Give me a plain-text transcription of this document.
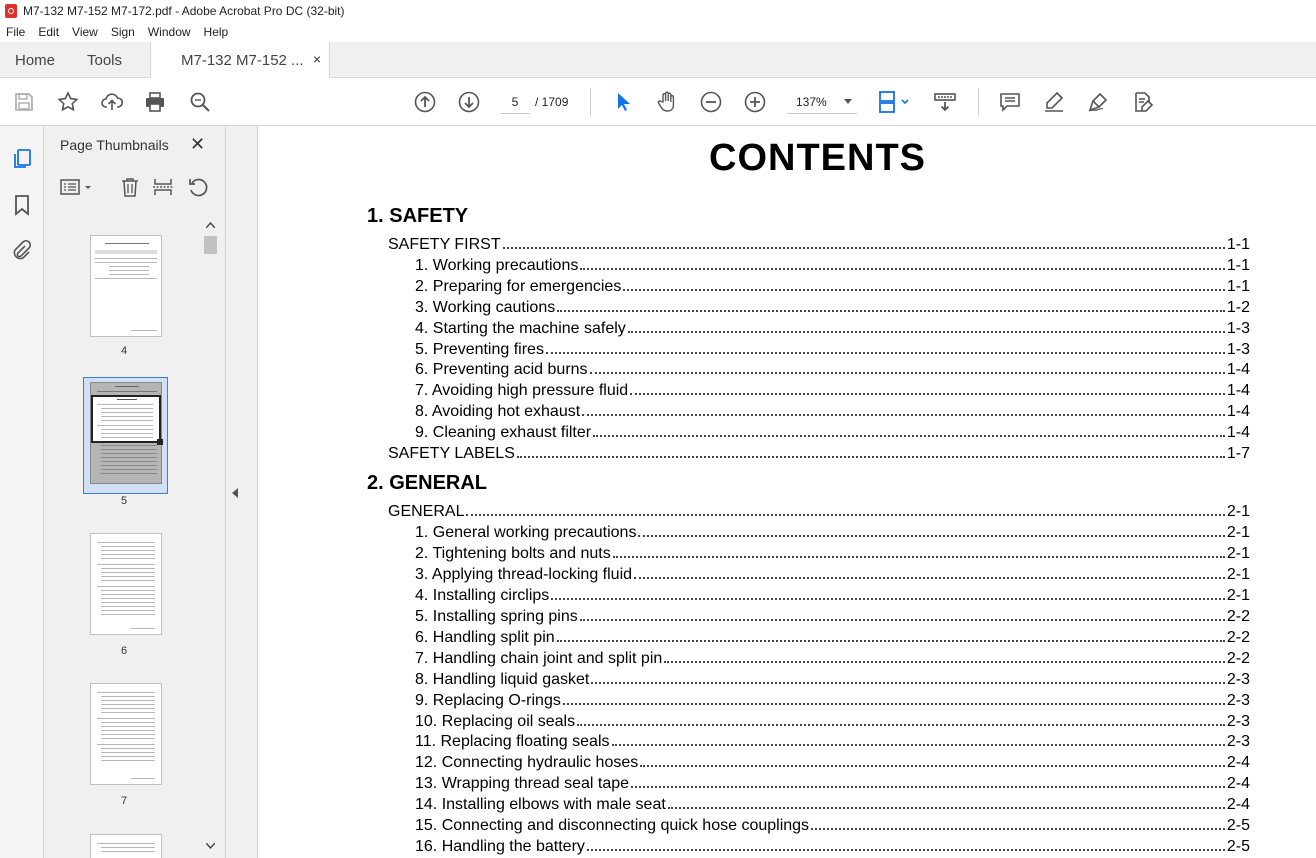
M7-132 M7-152 M7-172.pdf - Adobe Acrobat Pro DC (32-bit)
File Edit View Sign Window Help
Home Tools	M7-132 M7-152 ... ×
5	/ 1709	137%
Page Thumbnails ✕
4
5
6
7
CONTENTS
1. SAFETY
2. GENERAL
SAFETY FIRST	1-1
1. Working precautions	1-1
2. Preparing for emergencies	1-1
3. Working cautions	1-2
4. Starting the machine safely	1-3
5. Preventing fires	1-3
6. Preventing acid burns	1-4
7. Avoiding high pressure fluid	1-4
8. Avoiding hot exhaust	1-4
9. Cleaning exhaust filter	1-4
SAFETY LABELS	1-7
GENERAL	2-1
1. General working precautions	2-1
2. Tightening bolts and nuts	2-1
3. Applying thread-locking fluid	2-1
4. Installing circlips	2-1
5. Installing spring pins	2-2
6. Handling split pin	2-2
7. Handling chain joint and split pin	2-2
8. Handling liquid gasket	2-3
9. Replacing O-rings	2-3
10. Replacing oil seals	2-3
11. Replacing floating seals	2-3
12. Connecting hydraulic hoses	2-4
13. Wrapping thread seal tape	2-4
14. Installing elbows with male seat	2-4
15. Connecting and disconnecting quick hose couplings	2-5
16. Handling the battery	2-5
